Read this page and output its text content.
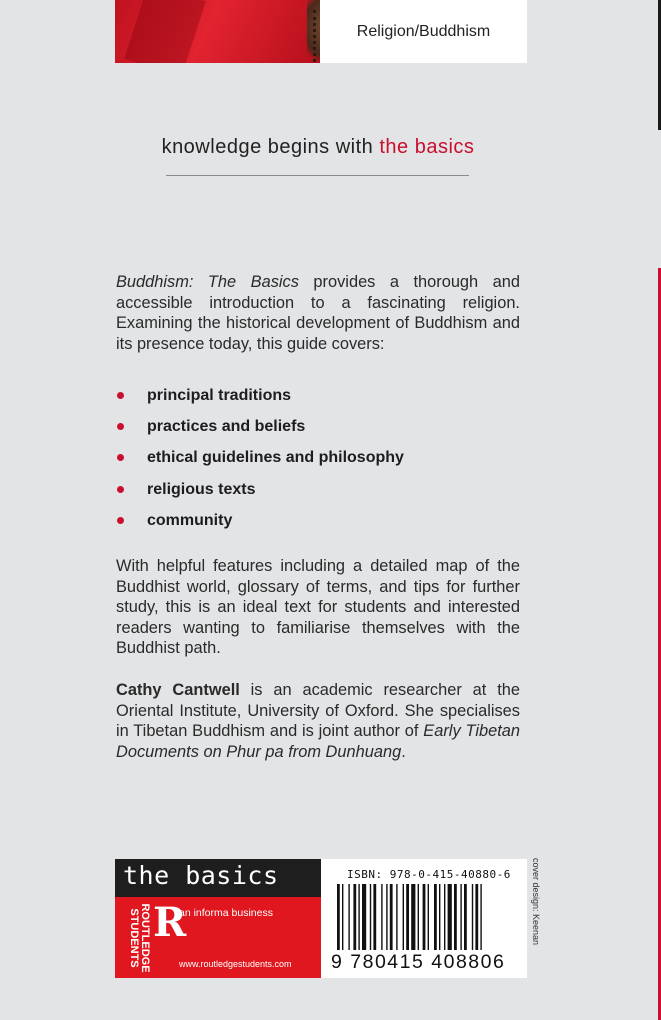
Religion/Buddhism
knowledge begins with the basics
Buddhism: The Basics provides a thorough and accessible introduction to a fascinating religion. Examining the historical development of Buddhism and its presence today, this guide covers:
principal traditions
practices and beliefs
ethical guidelines and philosophy
religious texts
community
With helpful features including a detailed map of the Buddhist world, glossary of terms, and tips for further study, this is an ideal text for students and interested readers wanting to familiarise themselves with the Buddhist path.
Cathy Cantwell is an academic researcher at the Oriental Institute, University of Oxford. She specialises in Tibetan Buddhism and is joint author of Early Tibetan Documents on Phur pa from Dunhuang.
the basics
ROUTLEDGE STUDENTS R
an informa business
www.routledgestudents.com
ISBN: 978-0-415-40880-6
9 780415 408806
cover design: Keenan
